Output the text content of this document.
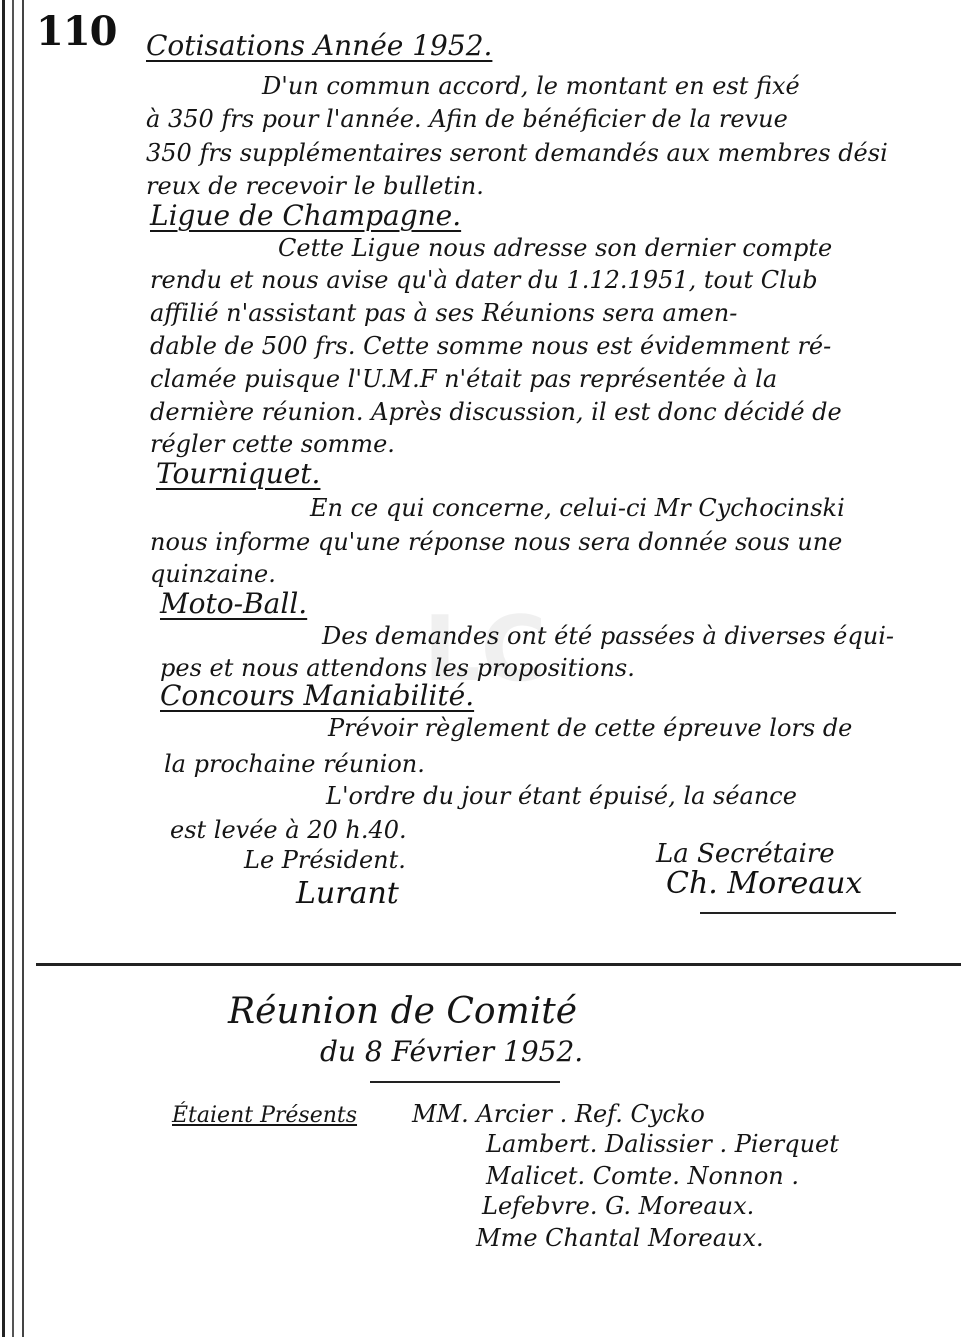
110
LC
Cotisations Année 1952.
D'un commun accord, le montant en est fixé
à 350 frs pour l'année. Afin de bénéficier de la revue
350 frs supplémentaires seront demandés aux membres dési
reux de recevoir le bulletin.
Ligue de Champagne.
Cette Ligue nous adresse son dernier compte
rendu et nous avise qu'à dater du 1.12.1951, tout Club
affilié n'assistant pas à ses Réunions sera amen-
dable de 500 frs. Cette somme nous est évidemment ré-
clamée puisque l'U.M.F n'était pas représentée à la
dernière réunion. Après discussion, il est donc décidé de
régler cette somme.
Tourniquet.
En ce qui concerne, celui-ci Mr Cychocinski
nous informe qu'une réponse nous sera donnée sous une
quinzaine.
Moto-Ball.
Des demandes ont été passées à diverses équi-
pes et nous attendons les propositions.
Concours Maniabilité.
Prévoir règlement de cette épreuve lors de
la prochaine réunion.
L'ordre du jour étant épuisé, la séance
est levée à 20 h.40.
Le Président.
Lurant
La Secrétaire
Ch. Moreaux
Réunion de Comité
du 8 Février 1952.
Étaient Présents MM. Arcier . Ref. Cycko
Lambert. Dalissier . Pierquet
Malicet. Comte. Nonnon .
Lefebvre. G. Moreaux.
Mme Chantal Moreaux.
